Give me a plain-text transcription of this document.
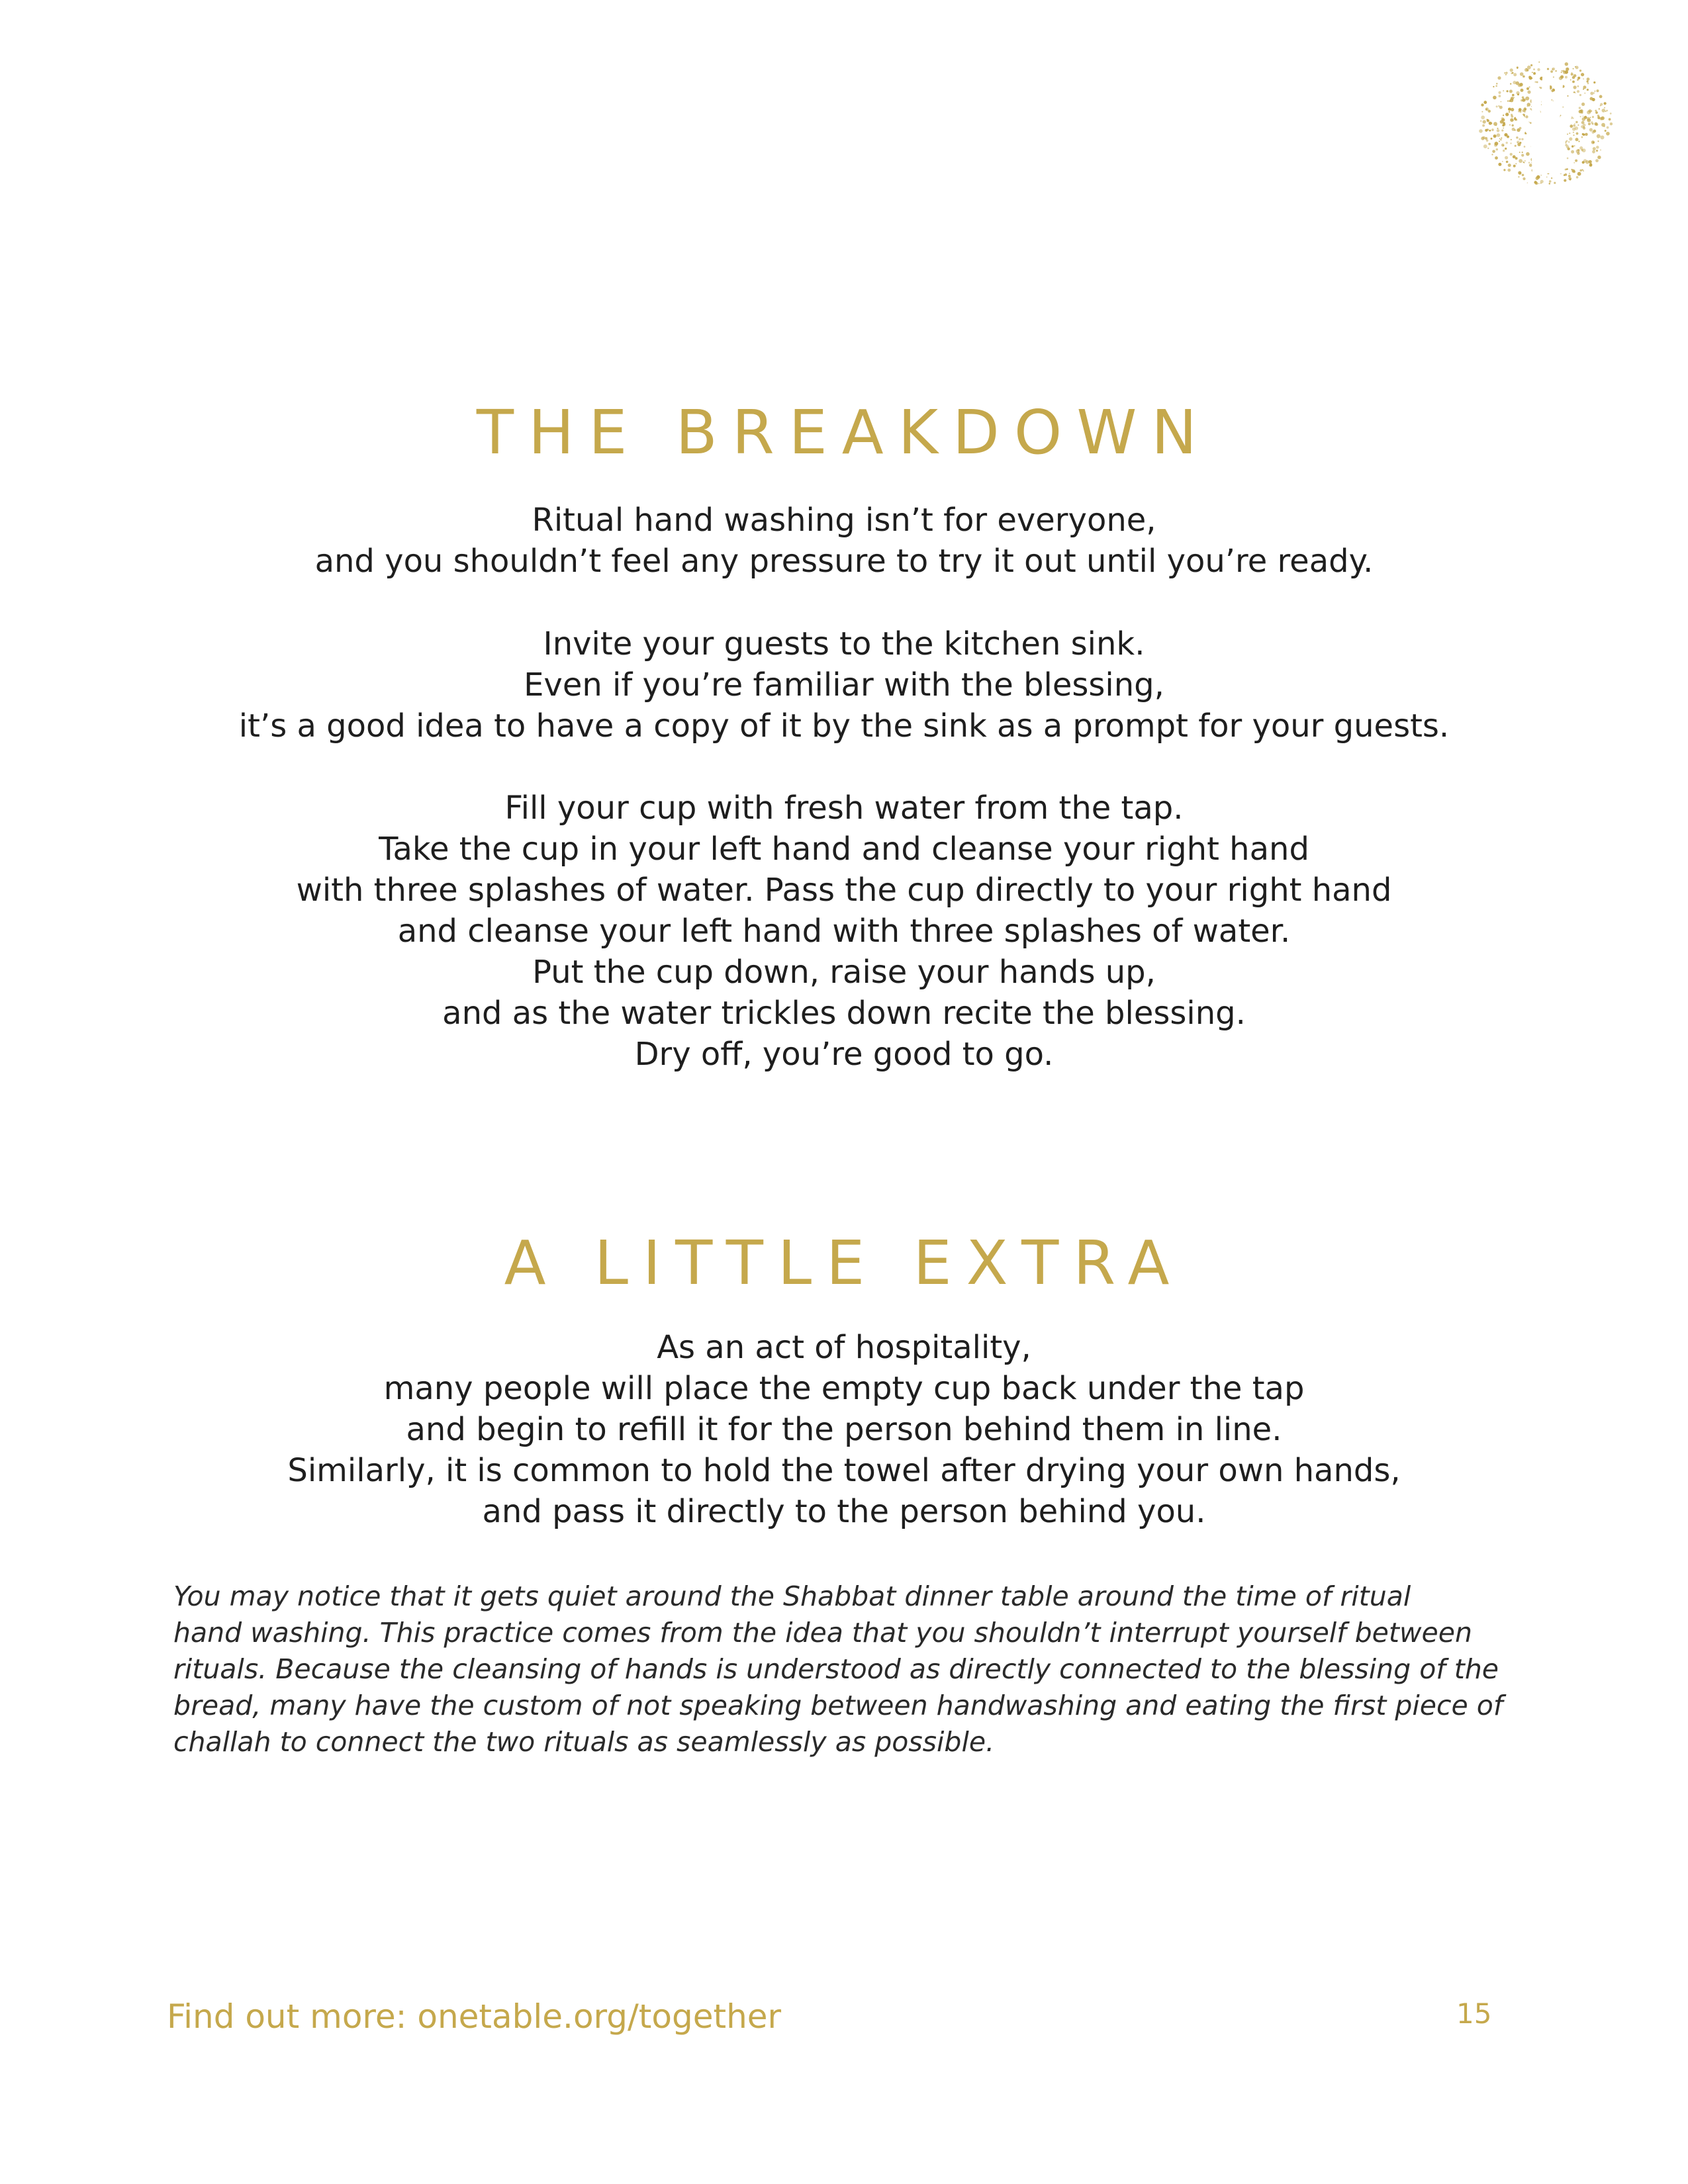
THE BREAKDOWN

Ritual hand washing isn’t for everyone,
and you shouldn’t feel any pressure to try it out until you’re ready.

Invite your guests to the kitchen sink.
Even if you’re familiar with the blessing,
it’s a good idea to have a copy of it by the sink as a prompt for your guests.

Fill your cup with fresh water from the tap.
Take the cup in your left hand and cleanse your right hand
with three splashes of water. Pass the cup directly to your right hand
and cleanse your left hand with three splashes of water.
Put the cup down, raise your hands up,
and as the water trickles down recite the blessing.
Dry off, you’re good to go.

A LITTLE EXTRA

As an act of hospitality,
many people will place the empty cup back under the tap
and begin to refill it for the person behind them in line.
Similarly, it is common to hold the towel after drying your own hands,
and pass it directly to the person behind you.

You may notice that it gets quiet around the Shabbat dinner table around the time of ritual
hand washing. This practice comes from the idea that you shouldn’t interrupt yourself between
rituals. Because the cleansing of hands is understood as directly connected to the blessing of the
bread, many have the custom of not speaking between handwashing and eating the first piece of
challah to connect the two rituals as seamlessly as possible.

Find out more: onetable.org/together	15
